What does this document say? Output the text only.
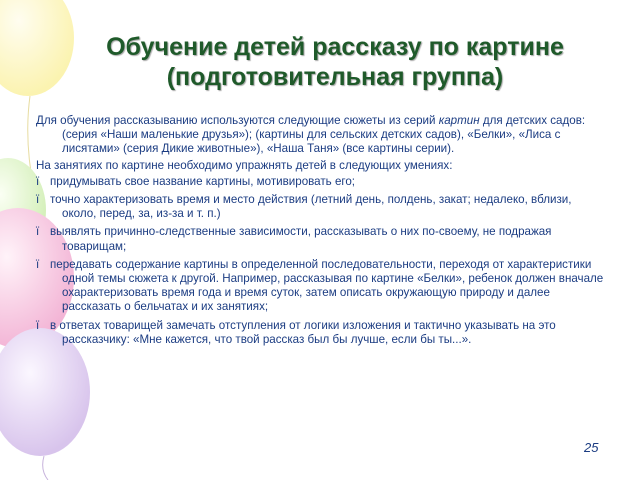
Обучение детей рассказу по картине
(подготовительная группа)

Для обучения рассказыванию используются следующие сюжеты из серий картин для детских садов: (серия «Наши маленькие друзья»); (картины для сельских детских садов), «Белки», «Лиса с лисятами» (серия Дикие животные»), «Наша Таня» (все картины серии).

На занятиях по картине необходимо упражнять детей в следующих умениях:

ї придумывать свое название картины, мотивировать его;

ї точно характеризовать время и место действия (летний день, полдень, закат; недалеко, вблизи, около, перед, за, из-за и т. п.)

ї выявлять причинно-следственные зависимости, рассказывать о них по-своему, не подражая товарищам;

ї передавать содержание картины в определенной последовательности, переходя от характеристики одной темы сюжета к другой. Например, рассказывая по картине «Белки», ребенок должен вначале охарактеризовать время года и время суток, затем описать окружающую природу и далее рассказать о бельчатах и их занятиях;

ї в ответах товарищей замечать отступления от логики изложения и тактично указывать на это рассказчику: «Мне кажется, что твой рассказ был бы лучше, если бы ты...».

25
